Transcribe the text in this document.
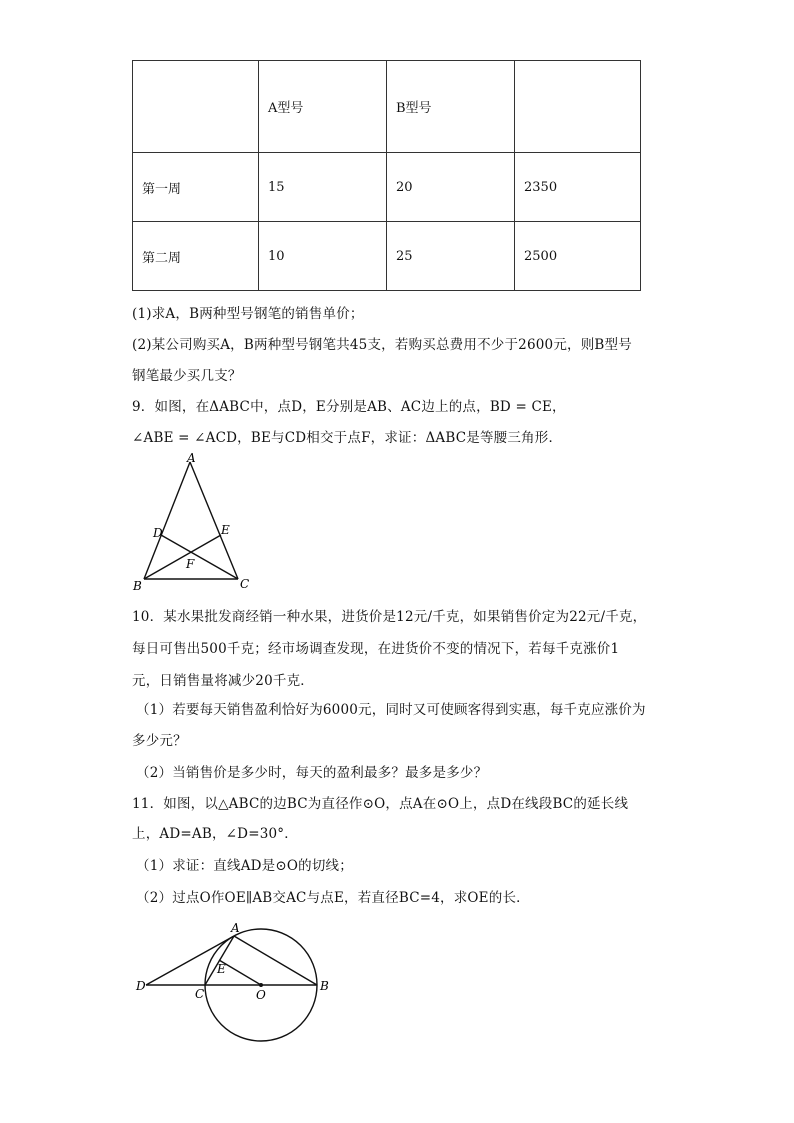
	A型号	B型号	
第一周	15	20	2350
第二周	10	25	2500
(1)求A，B两种型号钢笔的销售单价；
(2)某公司购买A，B两种型号钢笔共45支，若购买总费用不少于2600元，则B型号
钢笔最少买几支？
9．如图，在ΔABC中，点D，E分别是AB、AC边上的点，BD = CE，
∠ABE = ∠ACD，BE与CD相交于点F，求证：ΔABC是等腰三角形．
A
B	C
D	E
F
10．某水果批发商经销一种水果，进货价是12元/千克，如果销售价定为22元/千克，
每日可售出500千克；经市场调查发现，在进货价不变的情况下，若每千克涨价1
元，日销售量将减少20千克．
（1）若要每天销售盈利恰好为6000元，同时又可使顾客得到实惠，每千克应涨价为
多少元？
（2）当销售价是多少时，每天的盈利最多？最多是多少？
11．如图，以△ABC的边BC为直径作⊙O，点A在⊙O上，点D在线段BC的延长线
上，AD=AB，∠D=30°．
（1）求证：直线AD是⊙O的切线；
（2）过点O作OE∥AB交AC与点E，若直径BC=4，求OE的长．
A
B
C
D
E
O
